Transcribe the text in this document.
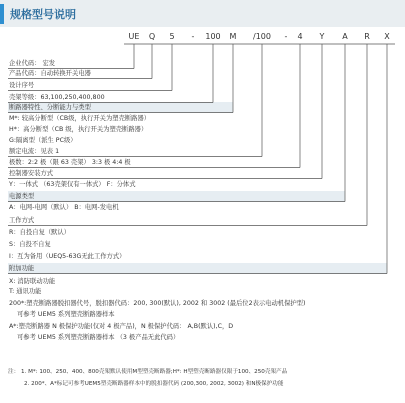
规格型号说明
UE	Q	5	-	100	M	/100	-	4	Y	A	R	X
企业代码： 宏发
产品代码：自动转换开关电器
设计序号
壳架等级：63,100,250,400,800
断路器特性、分断能力与类型
M*: 较高分断型（CB级，执行开关为塑壳断路器）
H*：高分断型（CB 级，执行开关为塑壳断路器）
G:隔离型（派生 PC级）
额定电流：见表 1
极数：2:2 极（限 63 壳架） 3:3 极 4:4 极
控制器安装方式
Y：一体式 （63壳架仅有一体式） F：分体式
电源类型
A：电网-电网（默认） B：电网-发电机
工作方式
R：自投自复（默认）
S：自投不自复
I：互为备用（UEQ5-63G无此工作方式）
附加功能
X: 消防联动功能
T: 通讯功能
200*:塑壳断路器脱扣器代号，脱扣器代码：200, 300(默认), 2002 和 3002 (最后位2表示电动机保护型)
可参考 UEM5 系列塑壳断路器样本
A*:塑壳断路器 N 极保护功能(仅对 4 极产品)，N 极保护代码： A,B(默认),C，D
可参考 UEM5 系列塑壳断路器样本 （3 极产品无此代码）
注： 1. M*: 100、250、400、800壳架默认使用M型塑壳断路器;H*: H型塑壳断路器仅限于100、250壳架产品
2. 200*、A*标记可参考UEM5塑壳断路器样本中的脱扣器代码 (200,300, 2002, 3002) 和N极保护功能
